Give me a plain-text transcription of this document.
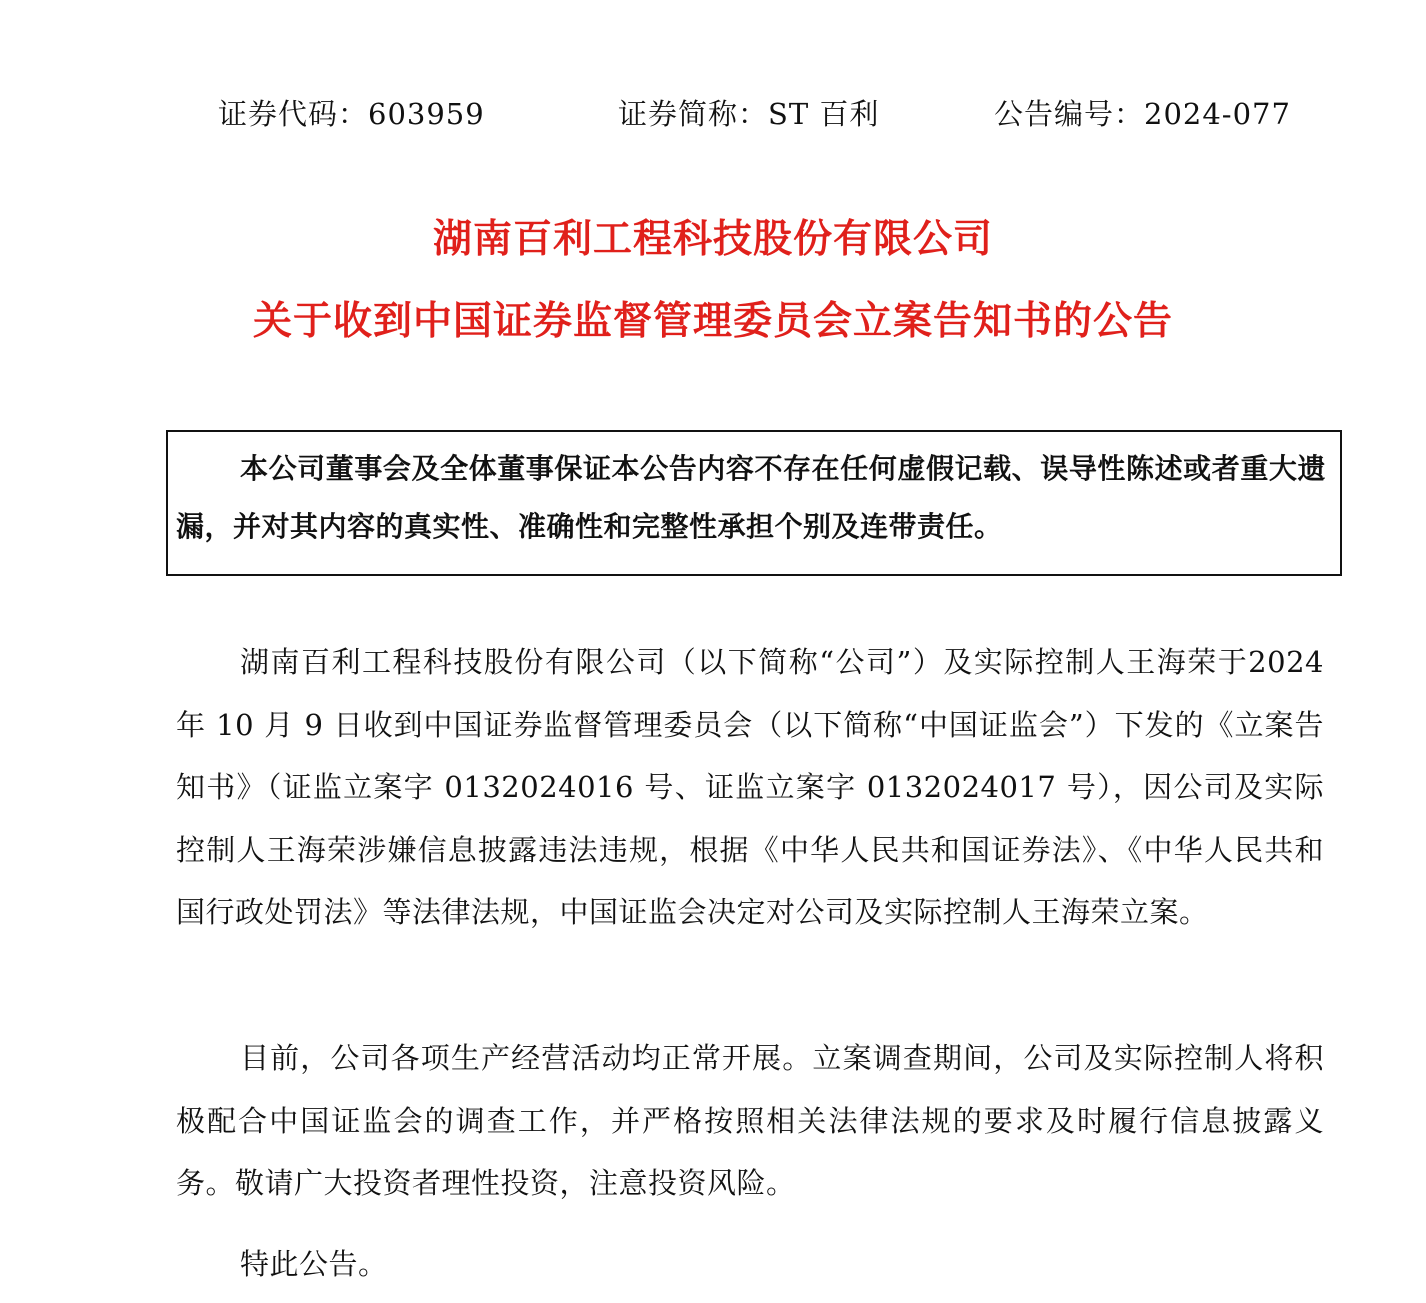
证券代码：603959	证券简称：ST 百利	公告编号：2024-077
湖南百利工程科技股份有限公司
关于收到中国证券监督管理委员会立案告知书的公告

本公司董事会及全体董事保证本公告内容不存在任何虚假记载、误导性陈述或者重大遗漏，并对其内容的真实性、准确性和完整性承担个别及连带责任。

湖南百利工程科技股份有限公司（以下简称“公司”）及实际控制人王海荣于2024 年 10 月 9 日收到中国证券监督管理委员会（以下简称“中国证监会”）下发的《立案告知书》（证监立案字 0132024016 号、证监立案字 0132024017 号），因公司及实际控制人王海荣涉嫌信息披露违法违规，根据《中华人民共和国证券法》、《中华人民共和国行政处罚法》等法律法规，中国证监会决定对公司及实际控制人王海荣立案。

目前，公司各项生产经营活动均正常开展。立案调查期间，公司及实际控制人将积极配合中国证监会的调查工作，并严格按照相关法律法规的要求及时履行信息披露义务。敬请广大投资者理性投资，注意投资风险。

特此公告。
